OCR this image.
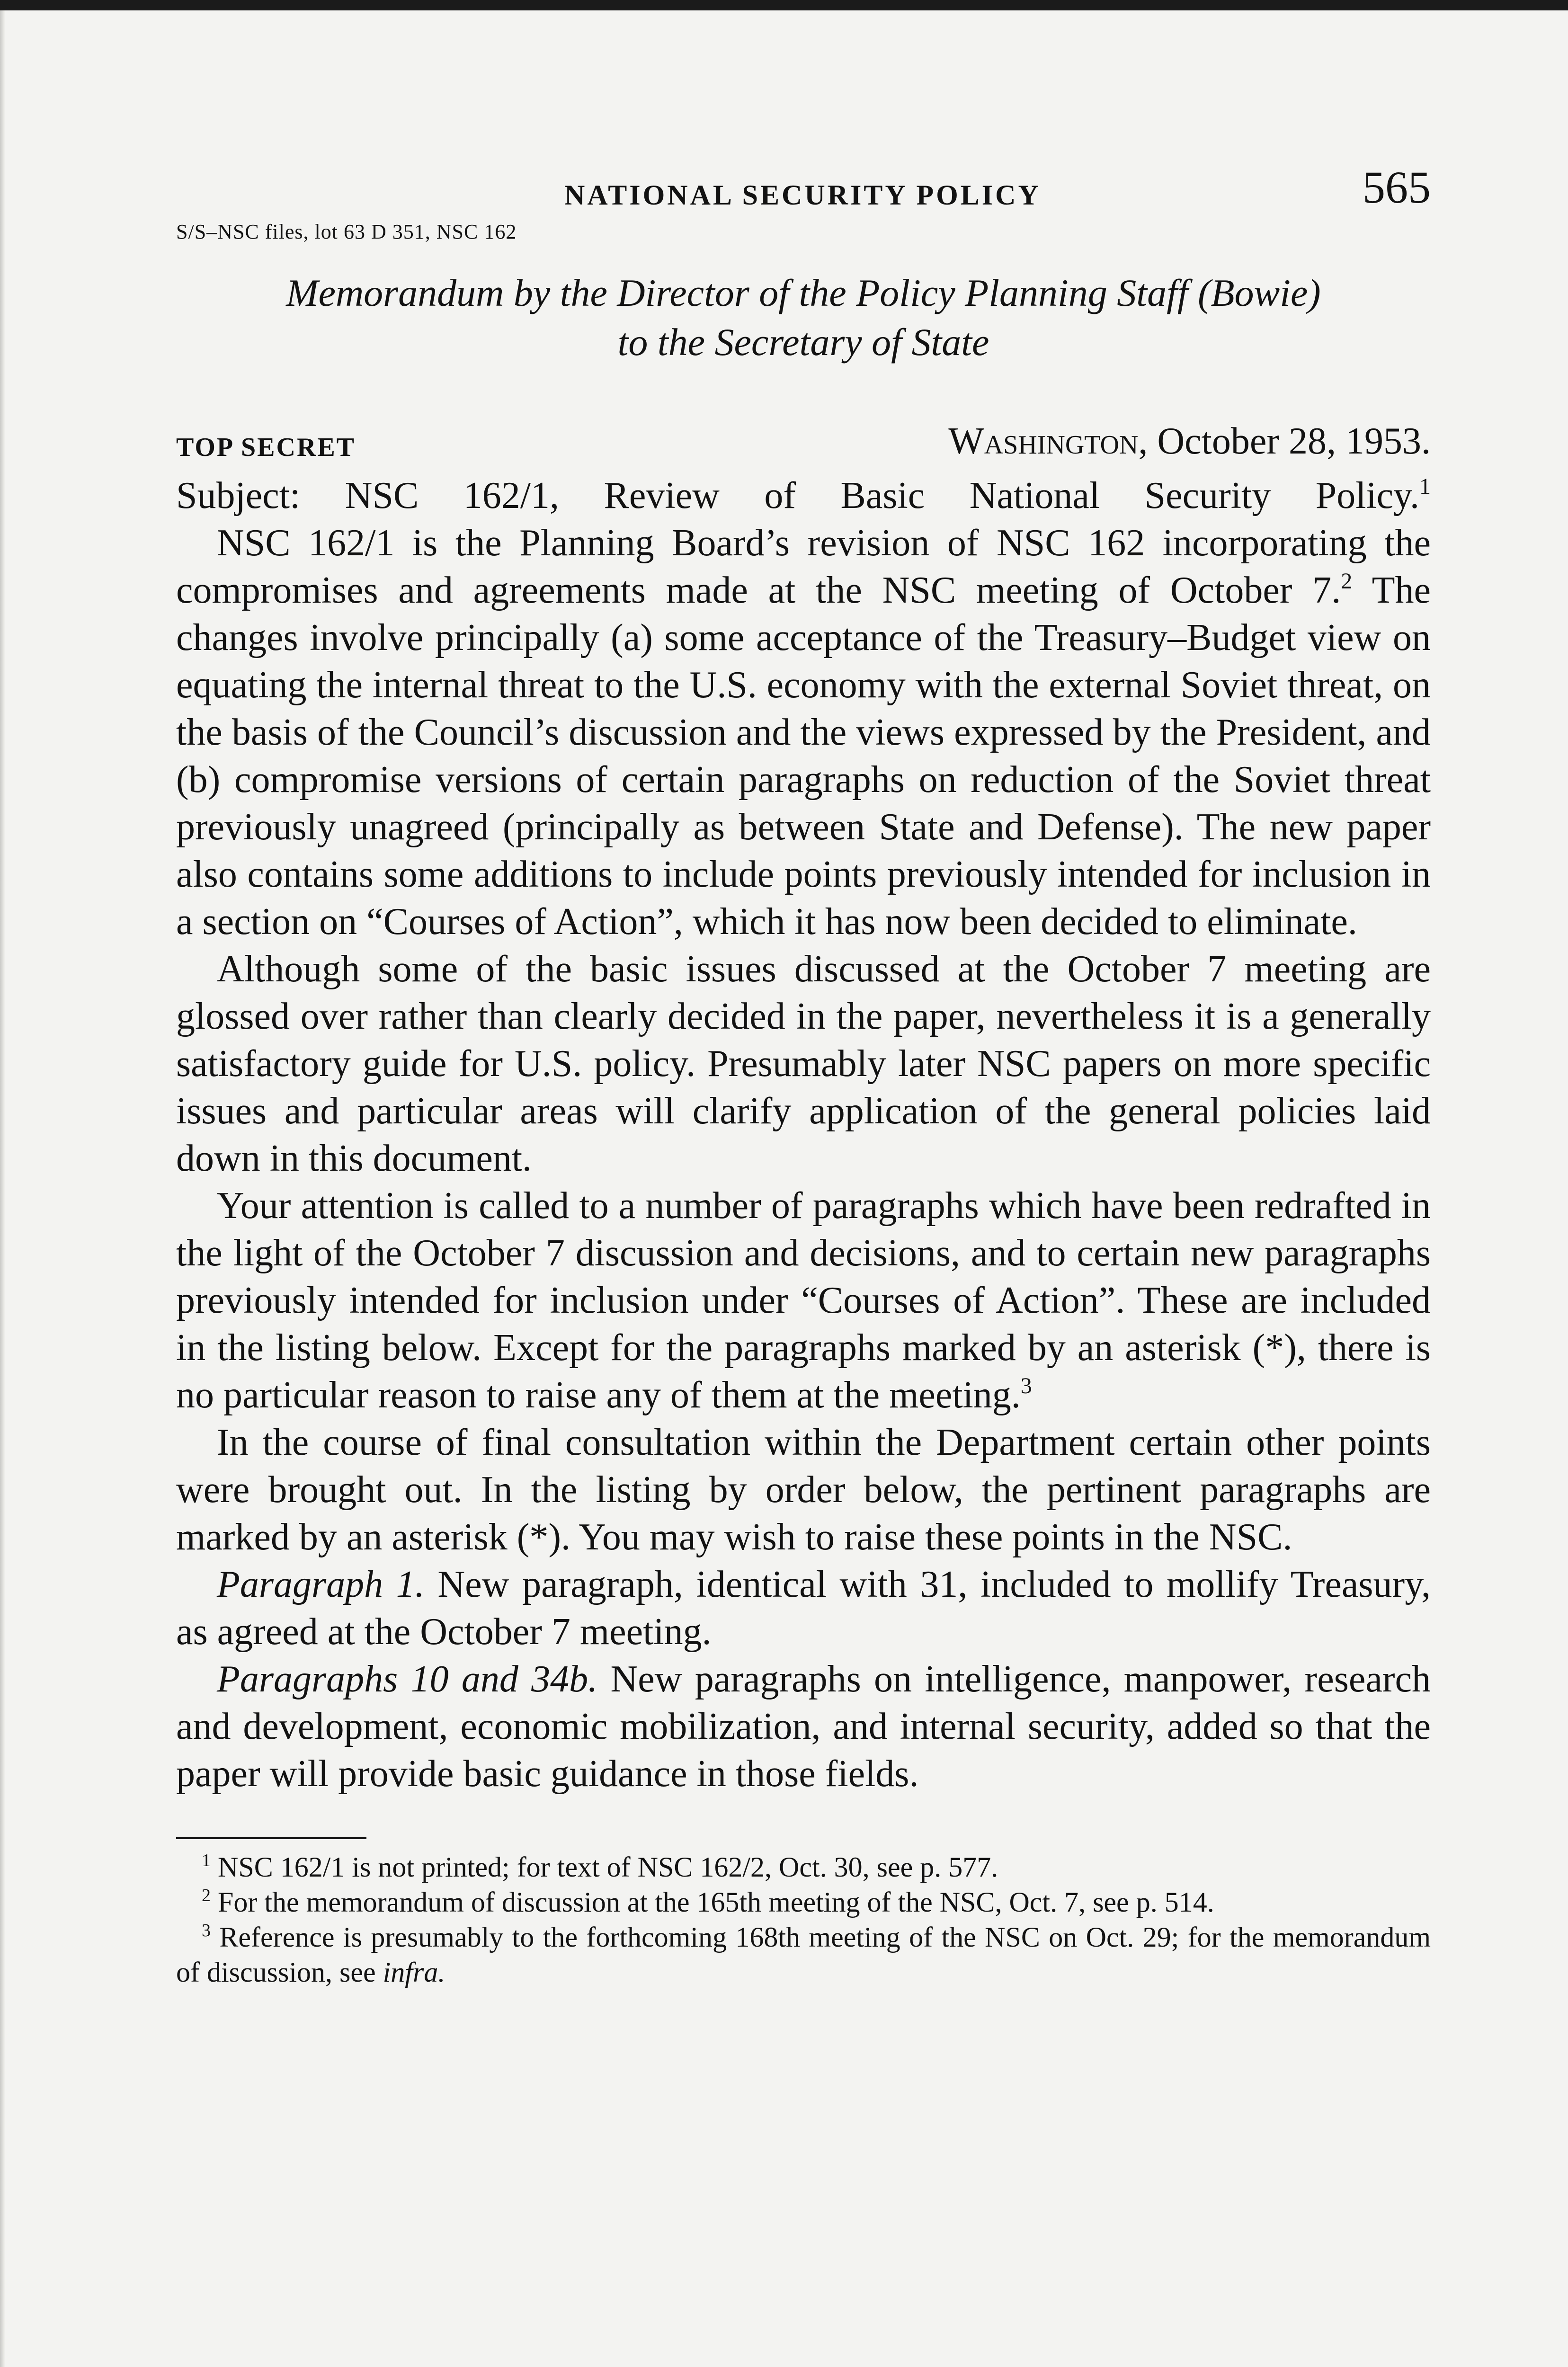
NATIONAL SECURITY POLICY	565
S/S–NSC files, lot 63 D 351, NSC 162
Memorandum by the Director of the Policy Planning Staff (Bowie)
to the Secretary of State
TOP SECRET	Washington, October 28, 1953.
Subject: NSC 162/1, Review of Basic National Security Policy.$^1$

NSC 162/1 is the Planning Board’s revision of NSC 162 incorporating the compromises and agreements made at the NSC meeting of October 7.$^2$ The changes involve principally (a) some acceptance of the Treasury–Budget view on equating the internal threat to the U.S. economy with the external Soviet threat, on the basis of the Council’s discussion and the views expressed by the President, and (b) compromise versions of certain paragraphs on reduction of the Soviet threat previously unagreed (principally as between State and Defense). The new paper also contains some additions to include points previously intended for inclusion in a section on “Courses of Action”, which it has now been decided to eliminate.

Although some of the basic issues discussed at the October 7 meeting are glossed over rather than clearly decided in the paper, nevertheless it is a generally satisfactory guide for U.S. policy. Presumably later NSC papers on more specific issues and particular areas will clarify application of the general policies laid down in this document.

Your attention is called to a number of paragraphs which have been redrafted in the light of the October 7 discussion and decisions, and to certain new paragraphs previously intended for inclusion under “Courses of Action”. These are included in the listing below. Except for the paragraphs marked by an asterisk (*), there is no particular reason to raise any of them at the meeting.$^3$

In the course of final consultation within the Department certain other points were brought out. In the listing by order below, the pertinent paragraphs are marked by an asterisk (*). You may wish to raise these points in the NSC.

Paragraph 1. New paragraph, identical with 31, included to mollify Treasury, as agreed at the October 7 meeting.

Paragraphs 10 and 34b. New paragraphs on intelligence, manpower, research and development, economic mobilization, and internal security, added so that the paper will provide basic guidance in those fields.

$^1$ NSC 162/1 is not printed; for text of NSC 162/2, Oct. 30, see p. 577.
$^2$ For the memorandum of discussion at the 165th meeting of the NSC, Oct. 7, see p. 514.
$^3$ Reference is presumably to the forthcoming 168th meeting of the NSC on Oct. 29; for the memorandum of discussion, see infra.
